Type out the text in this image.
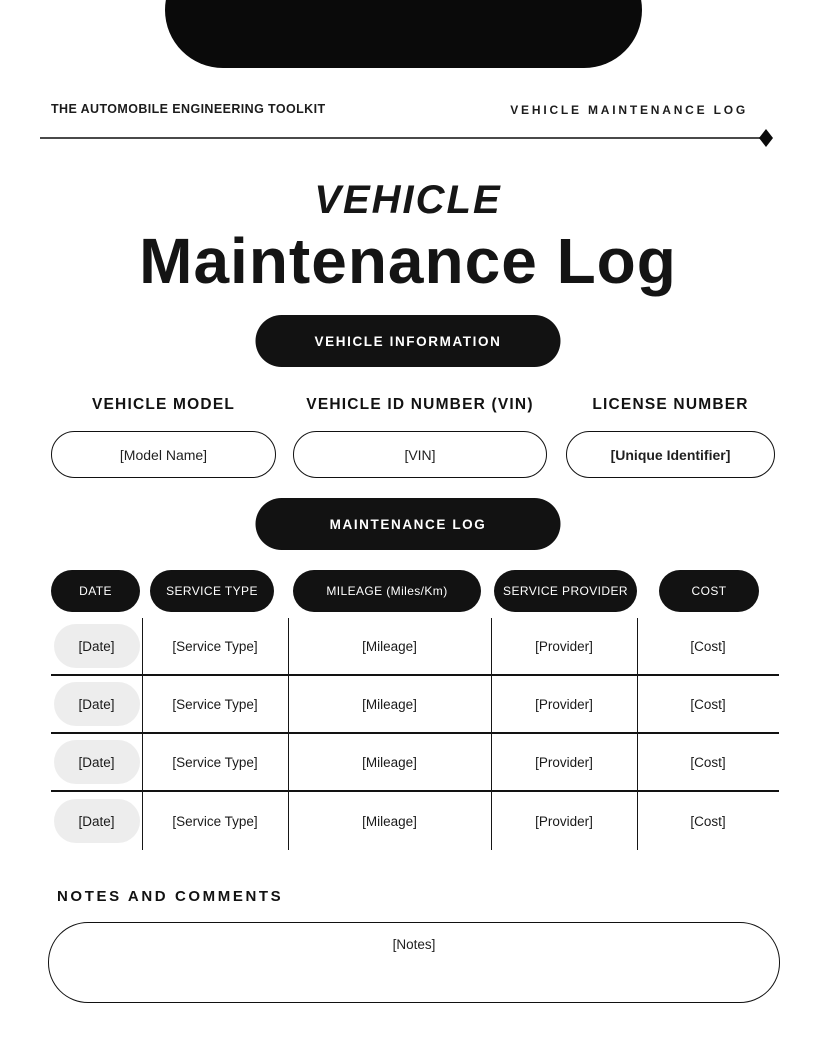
THE AUTOMOBILE ENGINEERING TOOLKIT	VEHICLE MAINTENANCE LOG
VEHICLE
Maintenance Log
VEHICLE INFORMATION
VEHICLE MODEL
[Model Name]
VEHICLE ID NUMBER (VIN)
[VIN]
LICENSE NUMBER
[Unique Identifier]
MAINTENANCE LOG
DATE	SERVICE TYPE	MILEAGE (Miles/Km)	SERVICE PROVIDER	COST
[Date]	[Service Type]	[Mileage]	[Provider]	[Cost]
[Date]	[Service Type]	[Mileage]	[Provider]	[Cost]
[Date]	[Service Type]	[Mileage]	[Provider]	[Cost]
[Date]	[Service Type]	[Mileage]	[Provider]	[Cost]
NOTES AND COMMENTS
[Notes]
